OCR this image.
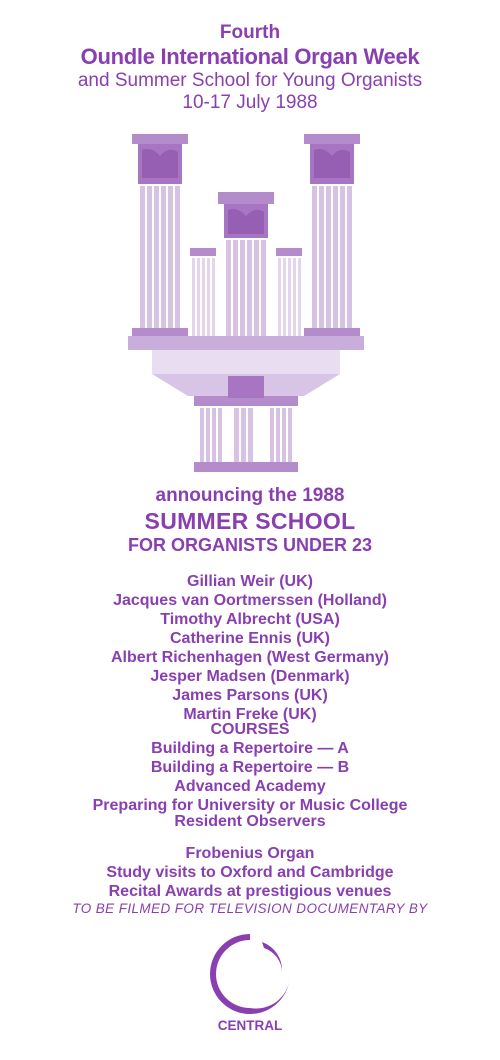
Fourth
Oundle International Organ Week
and Summer School for Young Organists
10-17 July 1988
announcing the 1988
SUMMER SCHOOL
FOR ORGANISTS UNDER 23
Gillian Weir (UK)
Jacques van Oortmerssen (Holland)
Timothy Albrecht (USA)
Catherine Ennis (UK)
Albert Richenhagen (West Germany)
Jesper Madsen (Denmark)
James Parsons (UK)
Martin Freke (UK)
COURSES
Building a Repertoire — A
Building a Repertoire — B
Advanced Academy
Preparing for University or Music College
Resident Observers
Frobenius Organ
Study visits to Oxford and Cambridge
Recital Awards at prestigious venues
TO BE FILMED FOR TELEVISION DOCUMENTARY BY
CENTRAL
